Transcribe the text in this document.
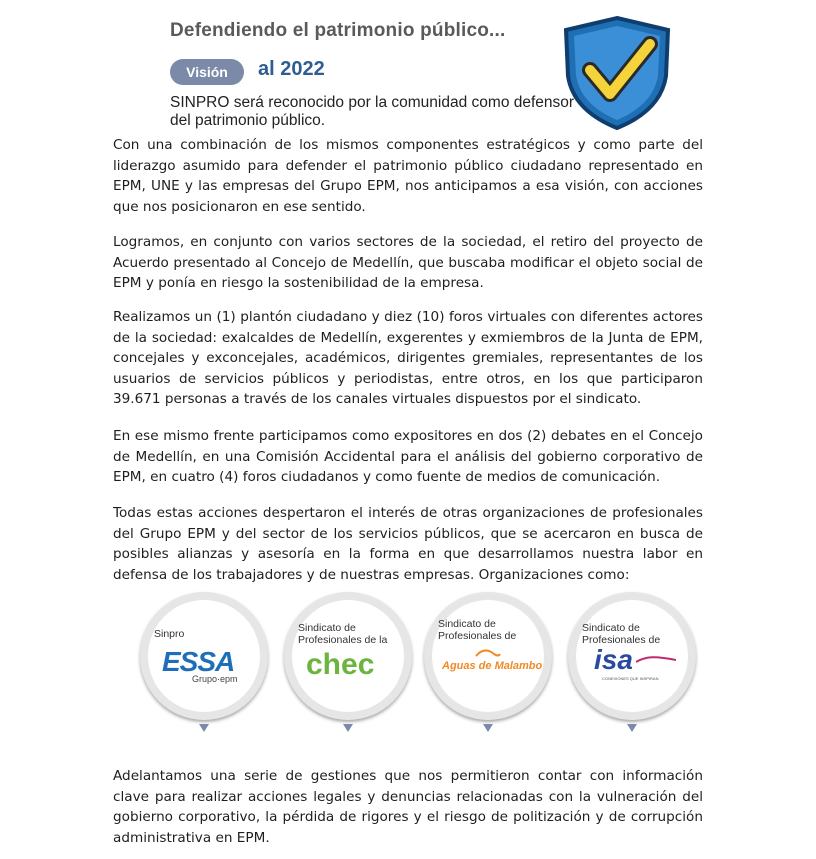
Defendiendo el patrimonio público...
Visión	al 2022
SINPRO será reconocido por la comunidad como defensor del patrimonio público.
Con una combinación de los mismos componentes estratégicos y como parte del liderazgo asumido para defender el patrimonio público ciudadano representado en EPM, UNE y las empresas del Grupo EPM, nos anticipamos a esa visión, con acciones que nos posicionaron en ese sentido.
Logramos, en conjunto con varios sectores de la sociedad, el retiro del proyecto de Acuerdo presentado al Concejo de Medellín, que buscaba modificar el objeto social de EPM y ponía en riesgo la sostenibilidad de la empresa.
Realizamos un (1) plantón ciudadano y diez (10) foros virtuales con diferentes actores de la sociedad: exalcaldes de Medellín, exgerentes y exmiembros de la Junta de EPM, concejales y exconcejales, académicos, dirigentes gremiales, representantes de los usuarios de servicios públicos y periodistas, entre otros, en los que participaron 39.671 personas a través de los canales virtuales dispuestos por el sindicato.
En ese mismo frente participamos como expositores en dos (2) debates en el Concejo de Medellín, en una Comisión Accidental para el análisis del gobierno corporativo de EPM, en cuatro (4) foros ciudadanos y como fuente de medios de comunicación.
Todas estas acciones despertaron el interés de otras organizaciones de profesionales del Grupo EPM y del sector de los servicios públicos, que se acercaron en busca de posibles alianzas y asesoría en la forma en que desarrollamos nuestra labor en defensa de los trabajadores y de nuestras empresas. Organizaciones como:
Sinpro
ESSA
Grupo·epm
Sindicato de Profesionales de la
chec
Sindicato de Profesionales de
Aguas de Malambo
Sindicato de Profesionales de
isa
CONEXIONES QUE INSPIRAN
Adelantamos una serie de gestiones que nos permitieron contar con información clave para realizar acciones legales y denuncias relacionadas con la vulneración del gobierno corporativo, la pérdida de rigores y el riesgo de politización y de corrupción administrativa en EPM.
